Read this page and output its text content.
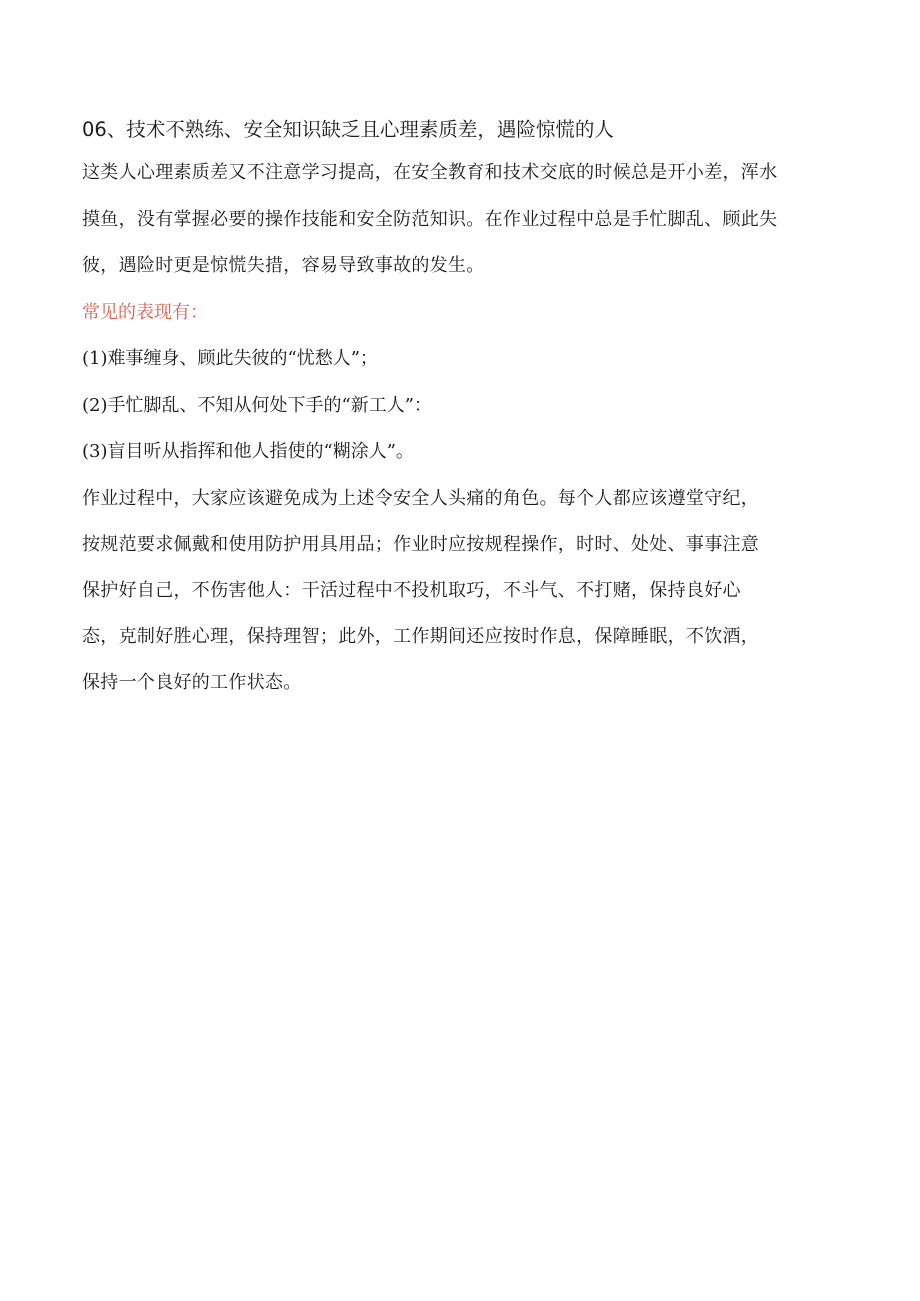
06、技术不熟练、安全知识缺乏且心理素质差，遇险惊慌的人

这类人心理素质差又不注意学习提高，在安全教育和技术交底的时候总是开小差，浑水

摸鱼，没有掌握必要的操作技能和安全防范知识。在作业过程中总是手忙脚乱、顾此失

彼，遇险时更是惊慌失措，容易导致事故的发生。

常见的表现有：

(1)难事缠身、顾此失彼的“忧愁人”；

(2)手忙脚乱、不知从何处下手的“新工人”：

(3)盲目听从指挥和他人指使的“糊涂人”。

作业过程中，大家应该避免成为上述令安全人头痛的角色。每个人都应该遵堂守纪，

按规范要求佩戴和使用防护用具用品；作业时应按规程操作，时时、处处、事事注意

保护好自己，不伤害他人：干活过程中不投机取巧，不斗气、不打赌，保持良好心

态，克制好胜心理，保持理智；此外，工作期间还应按时作息，保障睡眠，不饮酒，

保持一个良好的工作状态。
